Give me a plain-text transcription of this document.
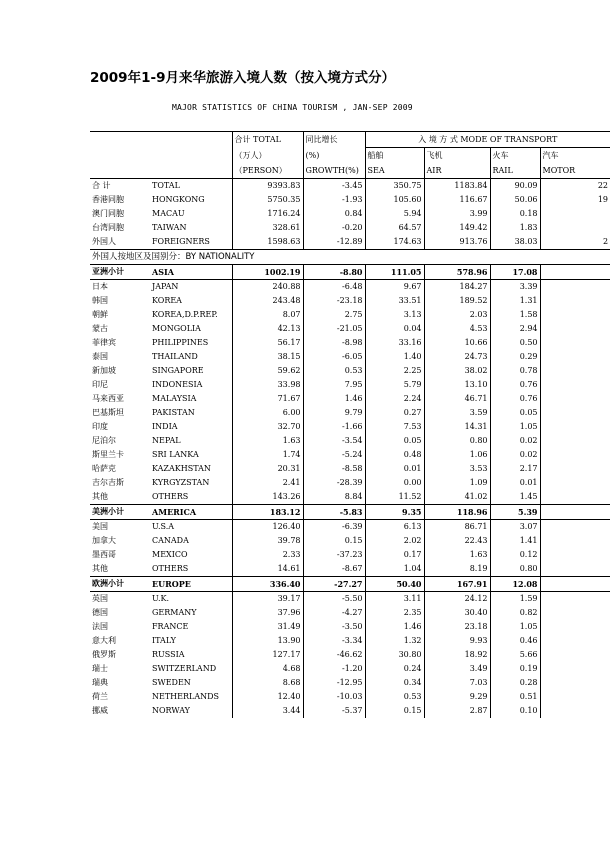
2009年1-9月来华旅游入境人数（按入境方式分）
MAJOR STATISTICS OF CHINA TOURISM , JAN-SEP 2009
		合计 TOTAL	同比增长	入 境 方 式 MODE OF TRANSPORT			
		（万人）	(%)	船舶	飞机	火车	汽车
		（PERSON）	GROWTH(%)	SEA	AIR	RAIL	MOTOR
合 计	TOTAL	9393.83	-3.45	350.75	1183.84	90.09	22
香港同胞	HONGKONG	5750.35	-1.93	105.60	116.67	50.06	19
澳门同胞	MACAU	1716.24	0.84	5.94	3.99	0.18	
台湾同胞	TAIWAN	328.61	-0.20	64.57	149.42	1.83	
外国人	FOREIGNERS	1598.63	-12.89	174.63	913.76	38.03	2
外国人按地区及国别分：BY NATIONALITY							
亚洲小计	ASIA	1002.19	-8.80	111.05	578.96	17.08	
日本	JAPAN	240.88	-6.48	9.67	184.27	3.39	
韩国	KOREA	243.48	-23.18	33.51	189.52	1.31	
朝鲜	KOREA,D.P.REP.	8.07	2.75	3.13	2.03	1.58	
蒙古	MONGOLIA	42.13	-21.05	0.04	4.53	2.94	
菲律宾	PHILIPPINES	56.17	-8.98	33.16	10.66	0.50	
泰国	THAILAND	38.15	-6.05	1.40	24.73	0.29	
新加坡	SINGAPORE	59.62	0.53	2.25	38.02	0.78	
印尼	INDONESIA	33.98	7.95	5.79	13.10	0.76	
马来西亚	MALAYSIA	71.67	1.46	2.24	46.71	0.76	
巴基斯坦	PAKISTAN	6.00	9.79	0.27	3.59	0.05	
印度	INDIA	32.70	-1.66	7.53	14.31	1.05	
尼泊尔	NEPAL	1.63	-3.54	0.05	0.80	0.02	
斯里兰卡	SRI LANKA	1.74	-5.24	0.48	1.06	0.02	
哈萨克	KAZAKHSTAN	20.31	-8.58	0.01	3.53	2.17	
吉尔吉斯	KYRGYZSTAN	2.41	-28.39	0.00	1.09	0.01	
其他	OTHERS	143.26	8.84	11.52	41.02	1.45	
美洲小计	AMERICA	183.12	-5.83	9.35	118.96	5.39	
美国	U.S.A	126.40	-6.39	6.13	86.71	3.07	
加拿大	CANADA	39.78	0.15	2.02	22.43	1.41	
墨西哥	MEXICO	2.33	-37.23	0.17	1.63	0.12	
其他	OTHERS	14.61	-8.67	1.04	8.19	0.80	
欧洲小计	EUROPE	336.40	-27.27	50.40	167.91	12.08	
英国	U.K.	39.17	-5.50	3.11	24.12	1.59	
德国	GERMANY	37.96	-4.27	2.35	30.40	0.82	
法国	FRANCE	31.49	-3.50	1.46	23.18	1.05	
意大利	ITALY	13.90	-3.34	1.32	9.93	0.46	
俄罗斯	RUSSIA	127.17	-46.62	30.80	18.92	5.66	
瑞士	SWITZERLAND	4.68	-1.20	0.24	3.49	0.19	
瑞典	SWEDEN	8.68	-12.95	0.34	7.03	0.28	
荷兰	NETHERLANDS	12.40	-10.03	0.53	9.29	0.51	
挪威	NORWAY	3.44	-5.37	0.15	2.87	0.10	
